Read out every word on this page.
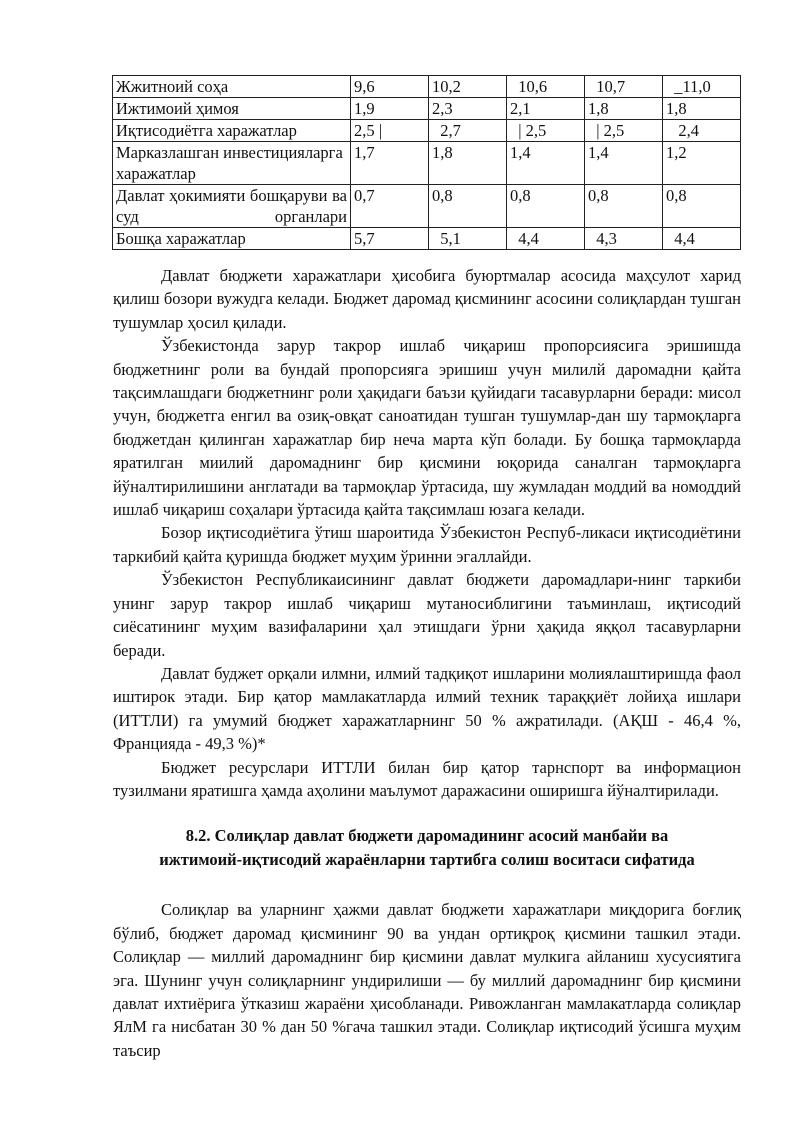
Жжитноий соҳа	9,6	10,2	10,6	10,7	_11,0
Ижтимоий ҳимоя	1,9	2,3	2,1	1,8	1,8
Иқтисодиётга харажатлар	2,5 |	2,7	| 2,5	| 2,5	2,4
Марказлашган инвестицияларга харажатлар	1,7	1,8	1,4	1,4	1,2
Давлат ҳокимияти бошқаруви ва суд органлари	0,7	0,8	0,8	0,8	0,8
Бошқа харажатлар	5,7	5,1	4,4	4,3	4,4

Давлат бюджети харажатлари ҳисобига буюртмалар асосида маҳсулот харид қилиш бозори вужудга келади. Бюджет даромад қисмининг асосини солиқлардан тушган тушумлар ҳосил қилади.

Ўзбекистонда зарур такрор ишлаб чиқариш пропорсиясига эришишда бюджетнинг роли ва бундай пропорсияга эришиш учун милилй даромадни қайта тақсимлашдаги бюджетнинг роли ҳақидаги баъзи қуйидаги тасавурларни беради: мисол учун, бюджетга енгил ва озиқ-овқат саноатидан тушган тушумлар-дан шу тармоқларга бюджетдан қилинган харажатлар бир неча марта кўп болади. Бу бошқа тармоқларда яратилган миилий даромаднинг бир қисмини юқорида саналган тармоқларга йўналтирилишини англатади ва тармоқлар ўртасида, шу жумладан моддий ва номоддий ишлаб чиқариш соҳалари ўртасида қайта тақсимлаш юзага келади.

Бозор иқтисодиётига ўтиш шароитида Ўзбекистон Респуб-ликаси иқтисодиётини таркибий қайта қуришда бюджет муҳим ўринни эгаллайди.

Ўзбекистон Республикаисининг давлат бюджети даромадлари-нинг таркиби унинг зарур такрор ишлаб чиқариш мутаносиблигини таъминлаш, иқтисодий сиёсатининг муҳим вазифаларини ҳал этишдаги ўрни ҳақида яққол тасавурларни беради.

Давлат буджет орқали илмни, илмий тадқиқот ишларини молиялаштиришда фаол иштирок этади. Бир қатор мамлакатларда илмий техник тараққиёт лойиҳа ишлари (ИТТЛИ) га умумий бюджет харажатларнинг 50 % ажратилади. (АҚШ - 46,4 %, Францияда - 49,3 %)*

Бюджет ресурслари ИТТЛИ билан бир қатор тарнспорт ва информацион тузилмани яратишга ҳамда аҳолини маълумот даражасини оширишга йўналтирилади.

8.2. Солиқлар давлат бюджети даромадининг асосий манбайи ва
ижтимоий-иқтисодий жараёнларни тартибга солиш воситаси сифатида

Солиқлар ва уларнинг ҳажми давлат бюджети харажатлари миқдорига боғлиқ бўлиб, бюджет даромад қисмининг 90 ва ундан ортиқроқ қисмини ташкил этади. Солиқлар — миллий даромаднинг бир қисмини давлат мулкига айланиш хусусиятига эга. Шунинг учун солиқларнинг ундирилиши — бу миллий даромаднинг бир қисмини давлат ихтиёрига ўтказиш жараёни ҳисобланади. Ривожланган мамлакатларда солиқлар ЯлМ га нисбатан 30 % дан 50 %гача ташкил этади. Солиқлар иқтисодий ўсишга муҳим таъсир
